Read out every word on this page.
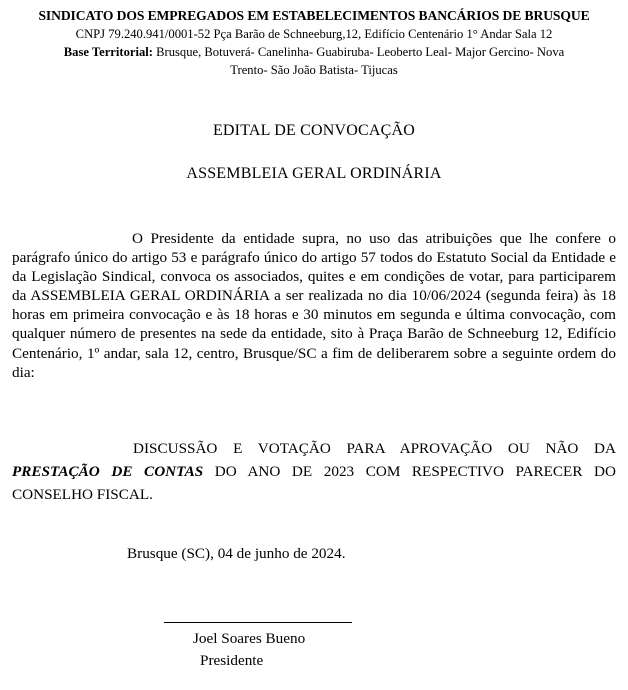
SINDICATO DOS EMPREGADOS EM ESTABELECIMENTOS BANCÁRIOS DE BRUSQUE
CNPJ 79.240.941/0001-52 Pça Barão de Schneeburg,12, Edifício Centenário 1° Andar Sala 12
Base Territorial: Brusque, Botuverá- Canelinha- Guabiruba- Leoberto Leal- Major Gercino- Nova
Trento- São João Batista- Tijucas
EDITAL DE CONVOCAÇÃO
ASSEMBLEIA GERAL ORDINÁRIA
O Presidente da entidade supra, no uso das atribuições que lhe confere o parágrafo único do artigo 53 e parágrafo único do artigo 57 todos do Estatuto Social da Entidade e da Legislação Sindical, convoca os associados, quites e em condições de votar, para participarem da ASSEMBLEIA GERAL ORDINÁRIA a ser realizada no dia 10/06/2024 (segunda feira) às 18 horas em primeira convocação e às 18 horas e 30 minutos em segunda e última convocação, com qualquer número de presentes na sede da entidade, sito à Praça Barão de Schneeburg 12, Edifício Centenário, 1º andar, sala 12, centro, Brusque/SC a fim de deliberarem sobre a seguinte ordem do dia:
DISCUSSÃO E VOTAÇÃO PARA APROVAÇÃO OU NÃO DA PRESTAÇÃO DE CONTAS DO ANO DE 2023 COM RESPECTIVO PARECER DO CONSELHO FISCAL.
Brusque (SC), 04 de junho de 2024.
Joel Soares Bueno
Presidente
